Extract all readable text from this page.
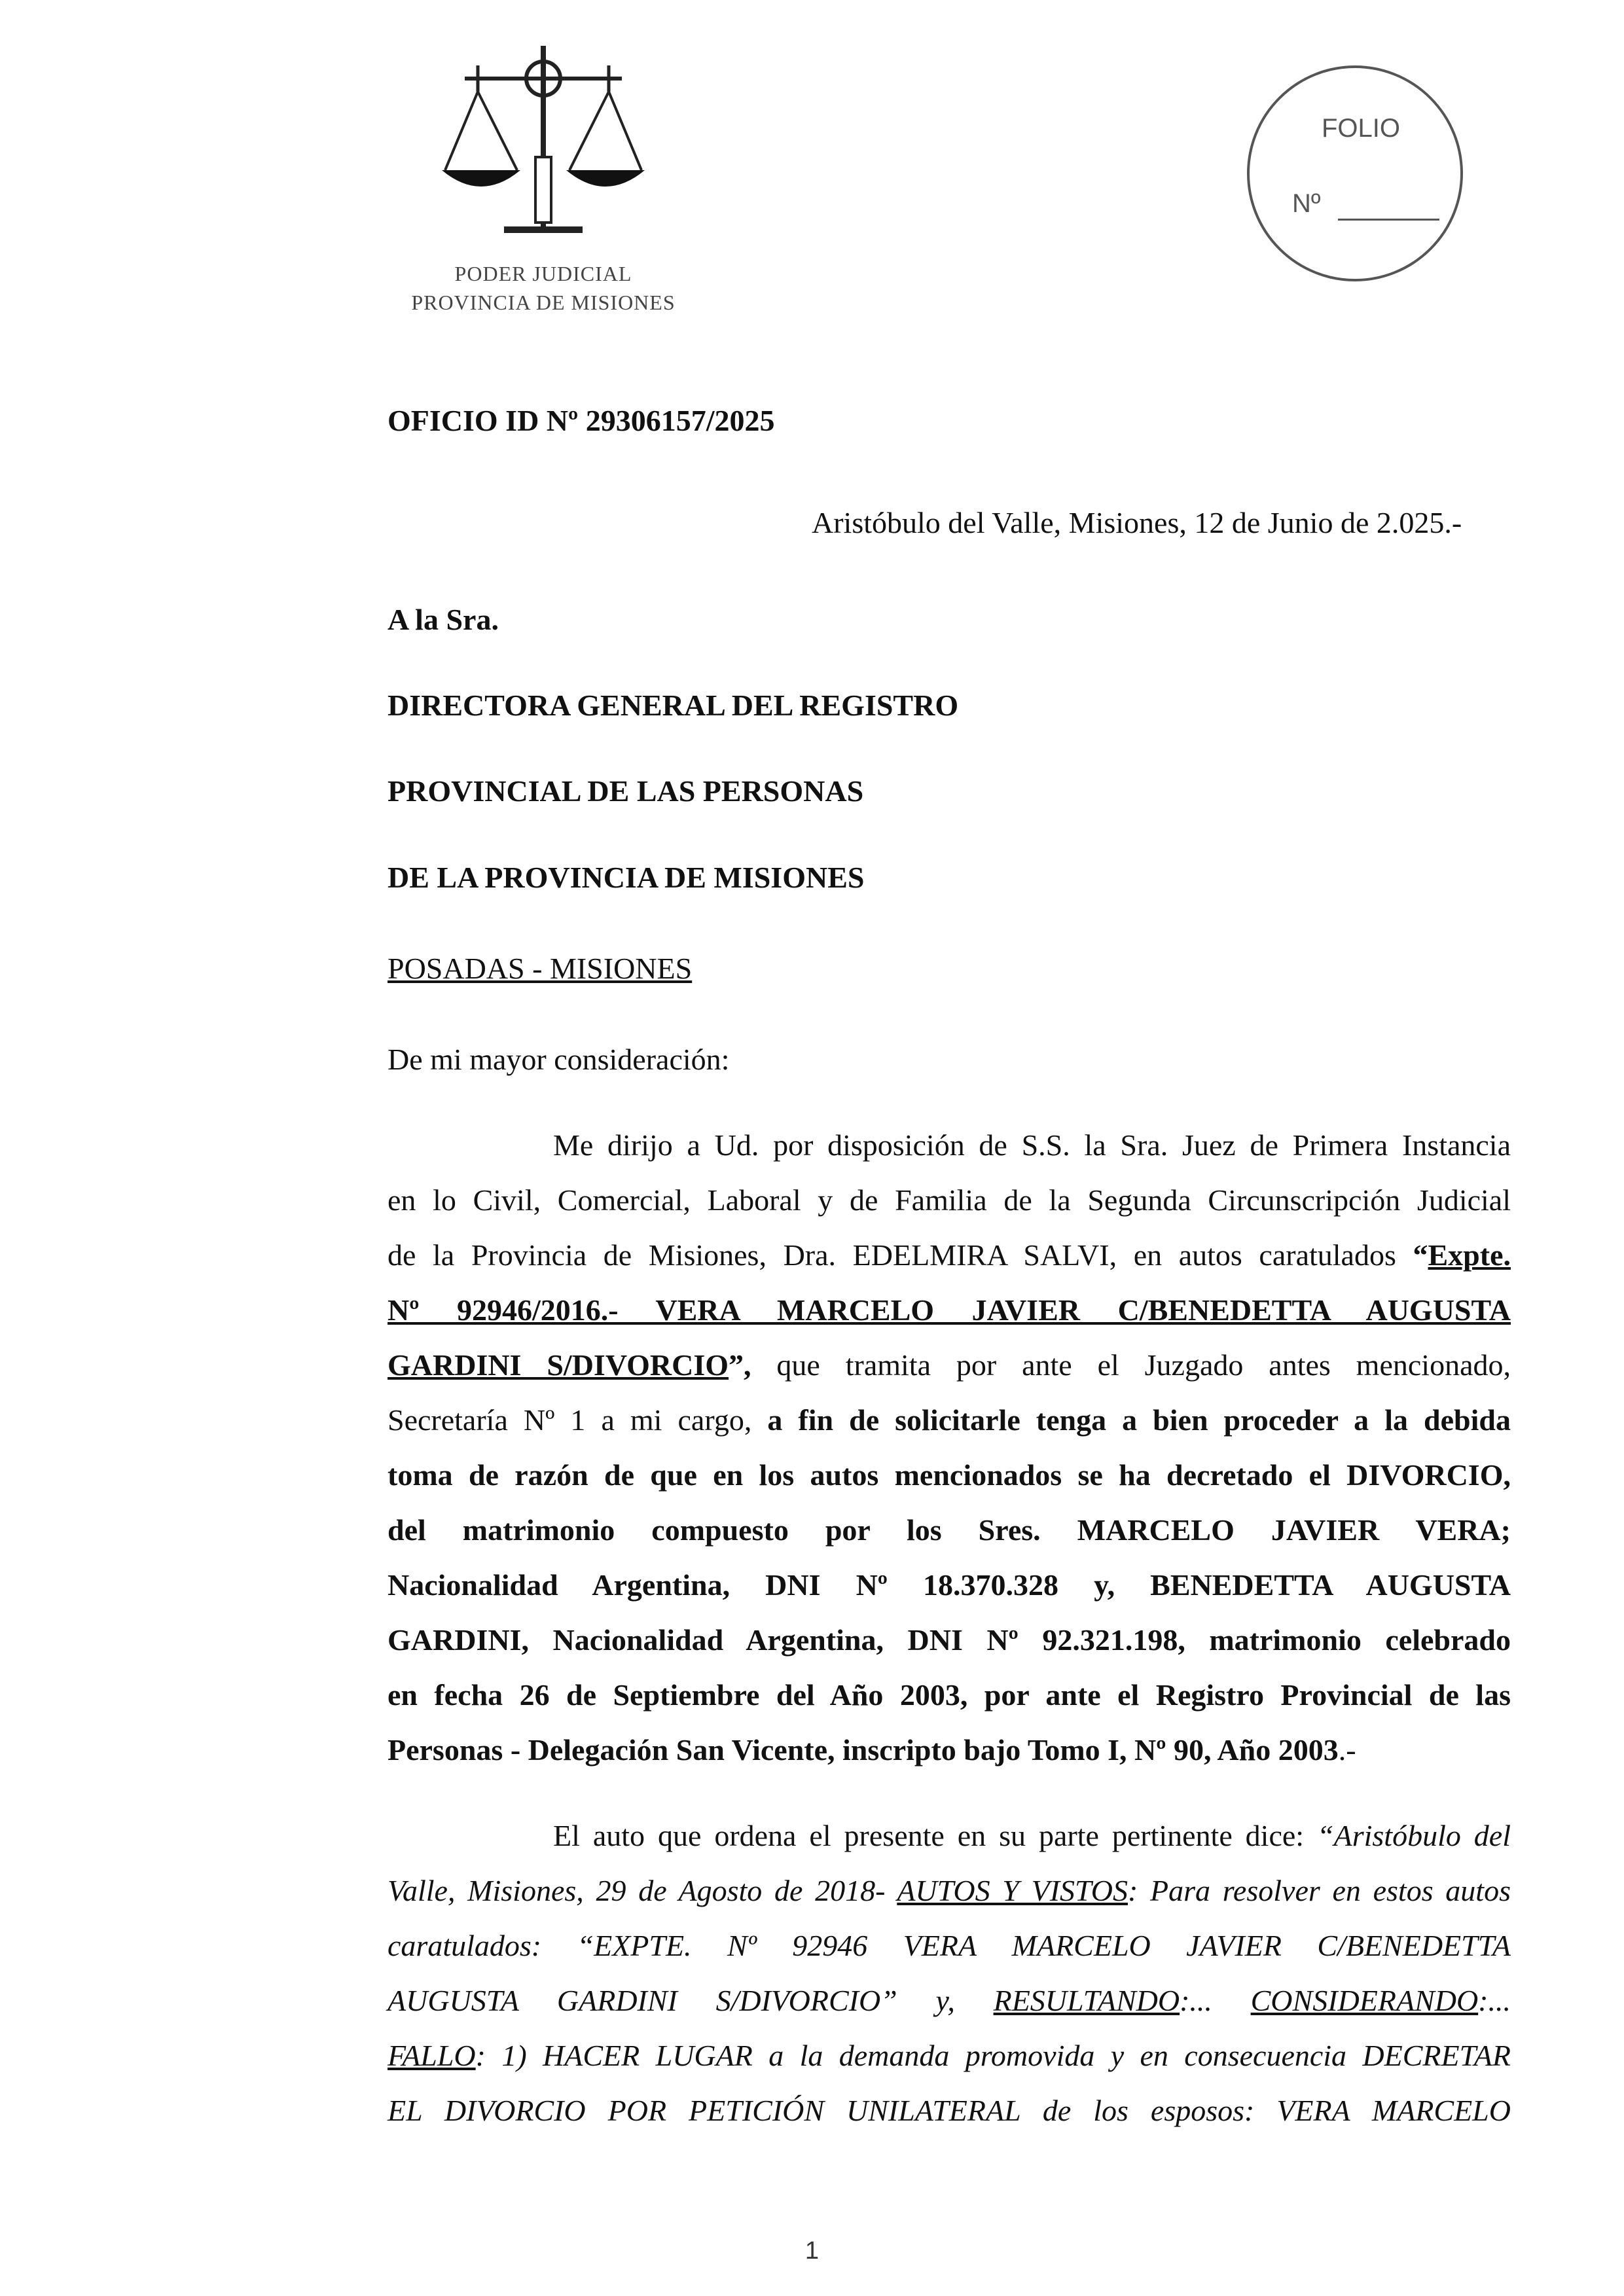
PODER JUDICIAL
PROVINCIA DE MISIONES
FOLIO
Nº
OFICIO ID Nº 29306157/2025
Aristóbulo del Valle, Misiones, 12 de Junio de 2.025.-
A la Sra.
DIRECTORA GENERAL DEL REGISTRO
PROVINCIAL DE LAS PERSONAS
DE LA PROVINCIA DE MISIONES
POSADAS - MISIONES
De mi mayor consideración:
Me dirijo a Ud. por disposición de S.S. la Sra. Juez de Primera Instancia
en lo Civil, Comercial, Laboral y de Familia de la Segunda Circunscripción Judicial
de la Provincia de Misiones, Dra. EDELMIRA SALVI, en autos caratulados “Expte.
Nº 92946/2016.- VERA MARCELO JAVIER C/BENEDETTA AUGUSTA
GARDINI S/DIVORCIO”, que tramita por ante el Juzgado antes mencionado,
Secretaría Nº 1 a mi cargo, a fin de solicitarle tenga a bien proceder a la debida
toma de razón de que en los autos mencionados se ha decretado el DIVORCIO,
del matrimonio compuesto por los Sres. MARCELO JAVIER VERA;
Nacionalidad Argentina, DNI Nº 18.370.328 y, BENEDETTA AUGUSTA
GARDINI, Nacionalidad Argentina, DNI Nº 92.321.198, matrimonio celebrado
en fecha 26 de Septiembre del Año 2003, por ante el Registro Provincial de las
Personas - Delegación San Vicente, inscripto bajo Tomo I, Nº 90, Año 2003.-
El auto que ordena el presente en su parte pertinente dice: “Aristóbulo del
Valle, Misiones, 29 de Agosto de 2018- AUTOS Y VISTOS: Para resolver en estos autos
caratulados: “EXPTE. Nº 92946 VERA MARCELO JAVIER C/BENEDETTA
AUGUSTA GARDINI S/DIVORCIO” y, RESULTANDO:... CONSIDERANDO:...
FALLO: 1) HACER LUGAR a la demanda promovida y en consecuencia DECRETAR
EL DIVORCIO POR PETICIÓN UNILATERAL de los esposos: VERA MARCELO
1
